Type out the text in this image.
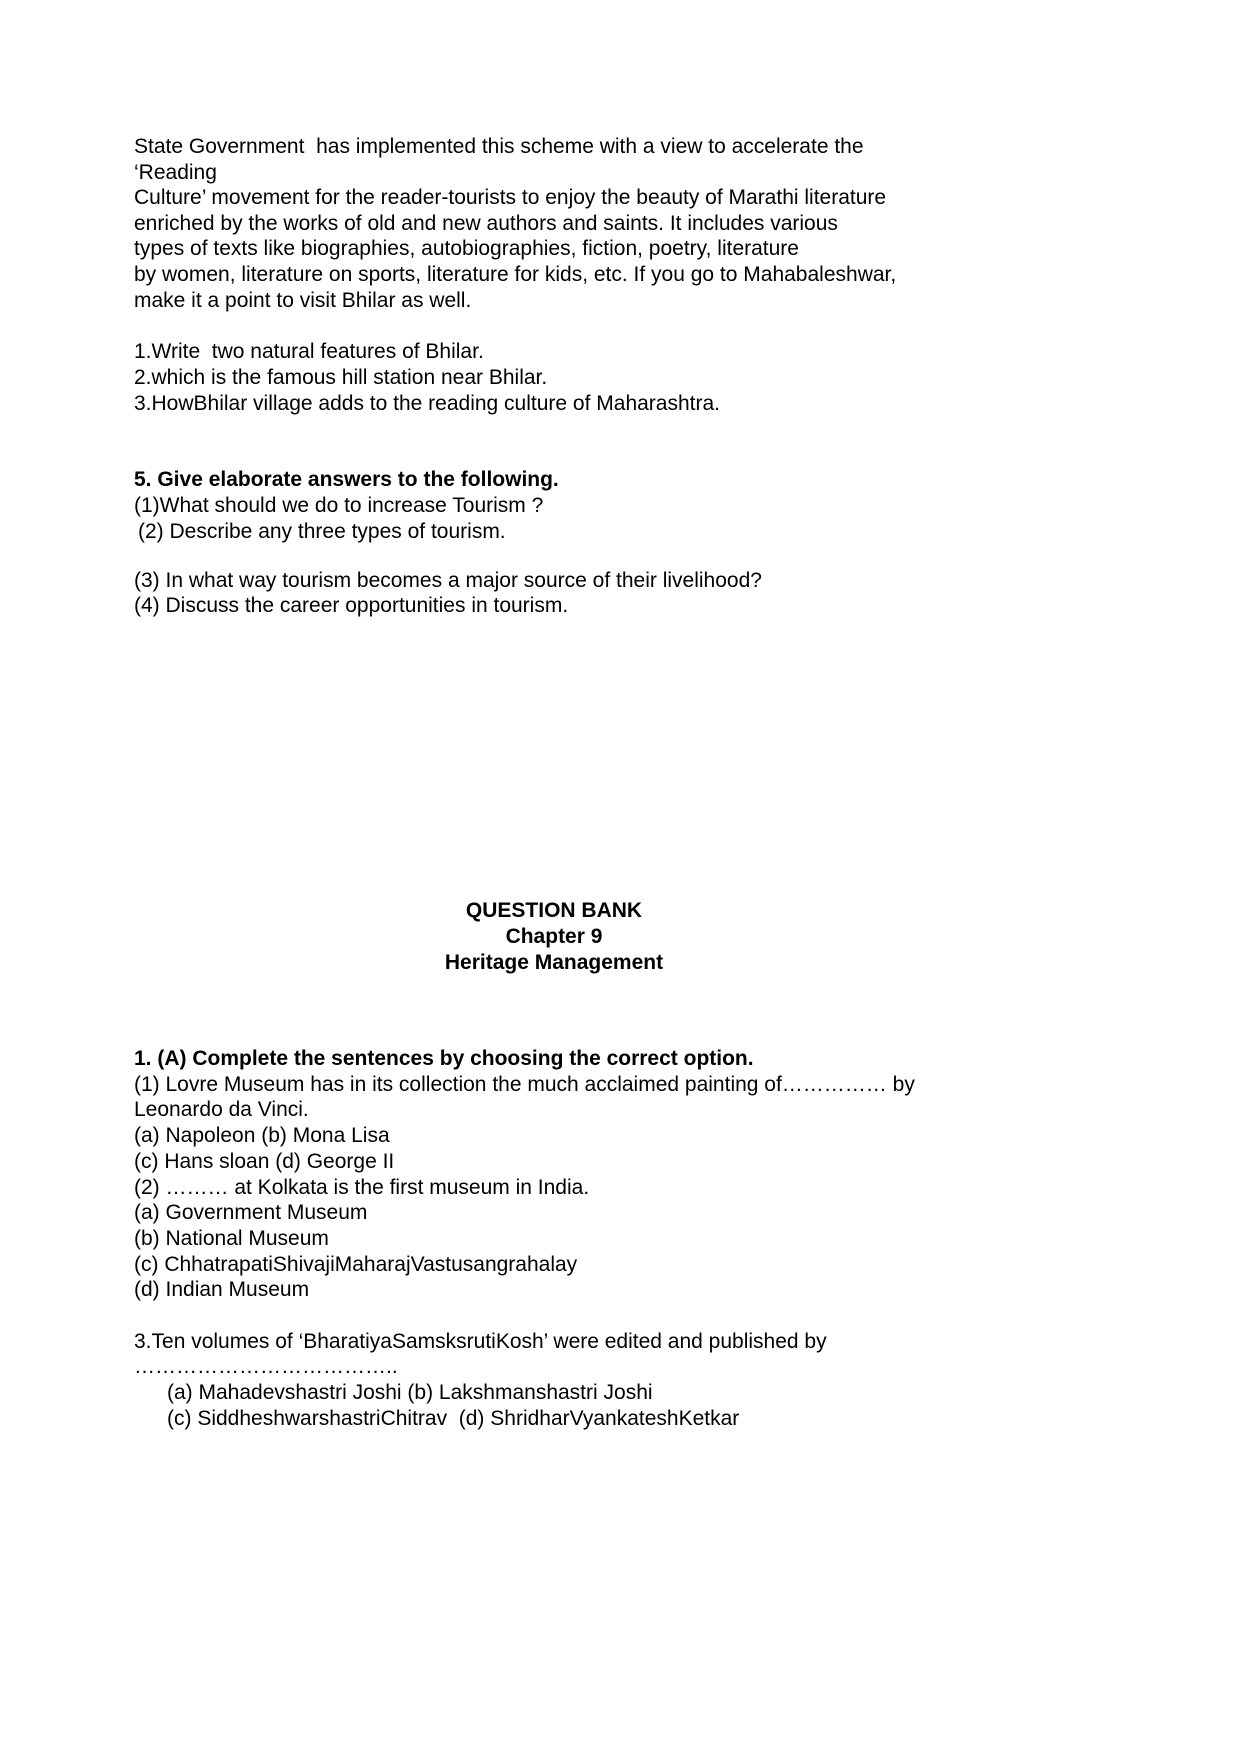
State Government  has implemented this scheme with a view to accelerate the

‘Reading

Culture’ movement for the reader-tourists to enjoy the beauty of Marathi literature

enriched by the works of old and new authors and saints. It includes various

types of texts like biographies, autobiographies, fiction, poetry, literature

by women, literature on sports, literature for kids, etc. If you go to Mahabaleshwar,

make it a point to visit Bhilar as well.

1.Write  two natural features of Bhilar.

2.which is the famous hill station near Bhilar.

3.HowBhilar village adds to the reading culture of Maharashtra.

5. Give elaborate answers to the following.

(1)What should we do to increase Tourism ?

(2) Describe any three types of tourism.

(3) In what way tourism becomes a major source of their livelihood?

(4) Discuss the career opportunities in tourism.

QUESTION BANK

Chapter 9

Heritage Management

1. (A) Complete the sentences by choosing the correct option.

(1) Lovre Museum has in its collection the much acclaimed painting of…………… by

Leonardo da Vinci.

(a) Napoleon (b) Mona Lisa

(c) Hans sloan (d) George II

(2) ……… at Kolkata is the first museum in India.

(a) Government Museum

(b) National Museum

(c) ChhatrapatiShivajiMaharajVastusangrahalay

(d) Indian Museum

3.Ten volumes of ‘BharatiyaSamsksrutiKosh’ were edited and published by

………………………………..

(a) Mahadevshastri Joshi (b) Lakshmanshastri Joshi

(c) SiddheshwarshastriChitrav  (d) ShridharVyankateshKetkar
